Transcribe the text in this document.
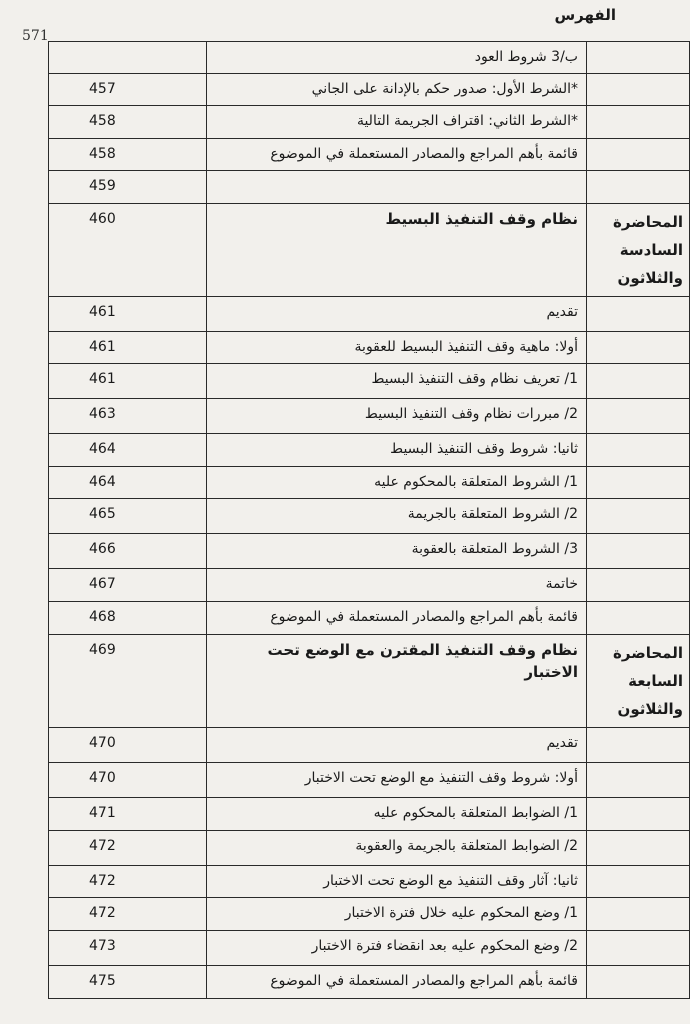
الفهرس
571
	ب/3 شروط العود	
	*الشرط الأول: صدور حكم بالإدانة على الجاني	457
	*الشرط الثاني: اقتراف الجريمة التالية	458
	قائمة بأهم المراجع والمصادر المستعملة في الموضوع	458
		459
المحاضرة السادسة والثلاثون	نظام وقف التنفيذ البسيط	460
	تقديم	461
	أولا: ماهية وقف التنفيذ البسيط للعقوبة	461
	1/ تعريف نظام وقف التنفيذ البسيط	461
	2/ مبررات نظام وقف التنفيذ البسيط	463
	ثانيا: شروط وقف التنفيذ البسيط	464
	1/ الشروط المتعلقة بالمحكوم عليه	464
	2/ الشروط المتعلقة بالجريمة	465
	3/ الشروط المتعلقة بالعقوبة	466
	خاتمة	467
	قائمة بأهم المراجع والمصادر المستعملة في الموضوع	468
المحاضرة السابعة والثلاثون	نظام وقف التنفيذ المقترن مع الوضع تحت الاختبار	469
	تقديم	470
	أولا: شروط وقف التنفيذ مع الوضع تحت الاختبار	470
	1/ الضوابط المتعلقة بالمحكوم عليه	471
	2/ الضوابط المتعلقة بالجريمة والعقوبة	472
	ثانيا: آثار وقف التنفيذ مع الوضع تحت الاختبار	472
	1/ وضع المحكوم عليه خلال فترة الاختبار	472
	2/ وضع المحكوم عليه بعد انقضاء فترة الاختبار	473
	قائمة بأهم المراجع والمصادر المستعملة في الموضوع	475
